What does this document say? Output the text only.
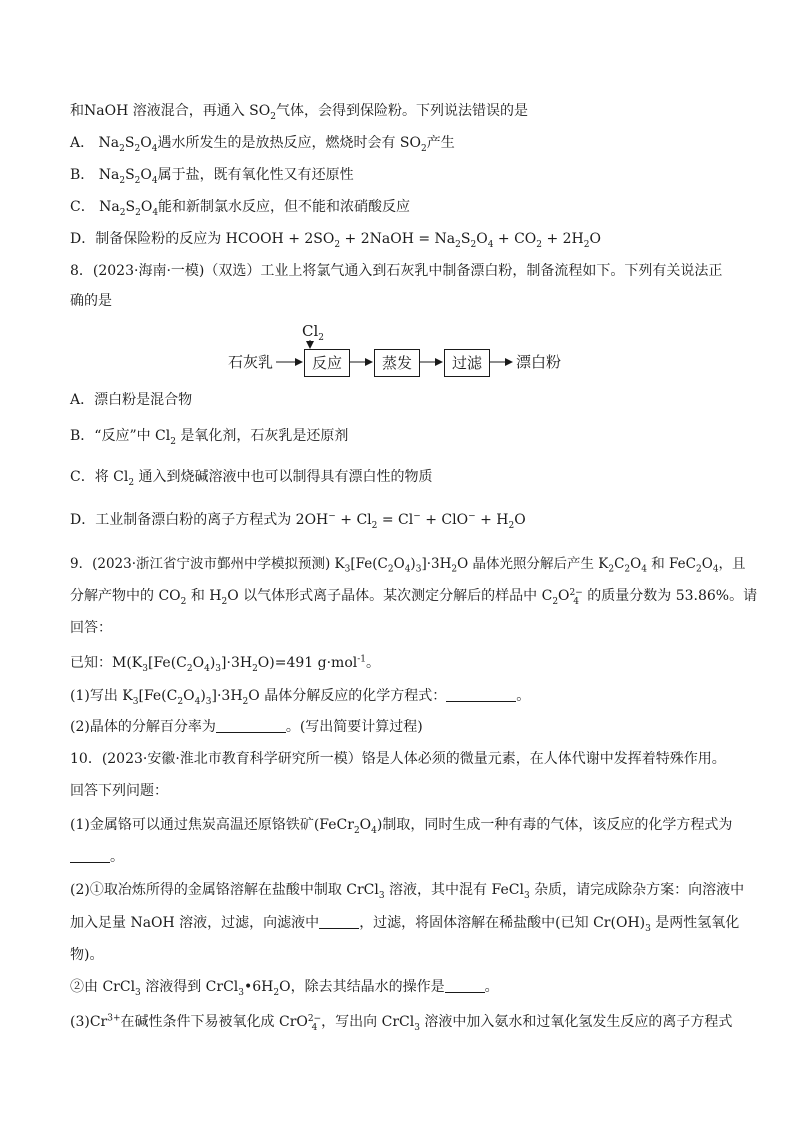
和NaOH 溶液混合，再通入 $SO_2$气体，会得到保险粉。下列说法错误的是
A． $Na_2S_2O_4$遇水所发生的是放热反应，燃烧时会有 $SO_2$产生
B． $Na_2S_2O_4$属于盐，既有氧化性又有还原性
C． $Na_2S_2O_4$能和新制氯水反应，但不能和浓硝酸反应
D．制备保险粉的反应为 HCOOH + $2SO_2$ + 2NaOH = $Na_2S_2O_4 + CO_2 + 2H_2O$
8．(2023·海南·一模)（双选）工业上将氯气通入到石灰乳中制备漂白粉，制备流程如下。下列有关说法正
确的是
$Cl_2$
石灰乳	反应	蒸发	过滤	漂白粉
A．漂白粉是混合物
B．“反应”中 $Cl_2$ 是氧化剂，石灰乳是还原剂
C．将 $Cl_2$ 通入到烧碱溶液中也可以制得具有漂白性的物质
D．工业制备漂白粉的离子方程式为 $2OH^- + Cl_2 = Cl^- + ClO^- + H_2O$
9．(2023·浙江省宁波市鄞州中学模拟预测) $K_3[Fe(C_2O_4)_3]\cdot 3H_2O$ 晶体光照分解后产生 $K_2C_2O_4$ 和 $FeC_2O_4$，且
分解产物中的 $CO_2$ 和 $H_2O$ 以气体形式离子晶体。某次测定分解后的样品中 $C_2O$ 2−
4 的质量分数为 53.86%。请
回答：
已知：$M(K_3[Fe(C_2O_4)_3]\cdot 3H_2O)=491$ g·mol$^{-1}$。
(1)写出 $K_3[Fe(C_2O_4)_3]\cdot 3H_2O$ 晶体分解反应的化学方程式：	。
(2)晶体的分解百分率为	。(写出简要计算过程)
10．(2023·安徽·淮北市教育科学研究所一模）铬是人体必须的微量元素，在人体代谢中发挥着特殊作用。
回答下列问题：
(1)金属铬可以通过焦炭高温还原铬铁矿$(FeCr_2O_4)$制取，同时生成一种有毒的气体，该反应的化学方程式为
。
(2)①取冶炼所得的金属铬溶解在盐酸中制取 CrCl$_3$ 溶液，其中混有 FeCl$_3$ 杂质，请完成除杂方案：向溶液中
加入足量 NaOH 溶液，过滤，向滤液中	，过滤，将固体溶解在稀盐酸中(已知 $Cr(OH)_3$ 是两性氢氧化
物)。
②由 CrCl$_3$ 溶液得到 $CrCl_3•6H_2O$，除去其结晶水的操作是	。
$(3)Cr^{3+}$在碱性条件下易被氧化成 CrO 2−
4 ，写出向 CrCl$_3$ 溶液中加入氨水和过氧化氢发生反应的离子方程式
